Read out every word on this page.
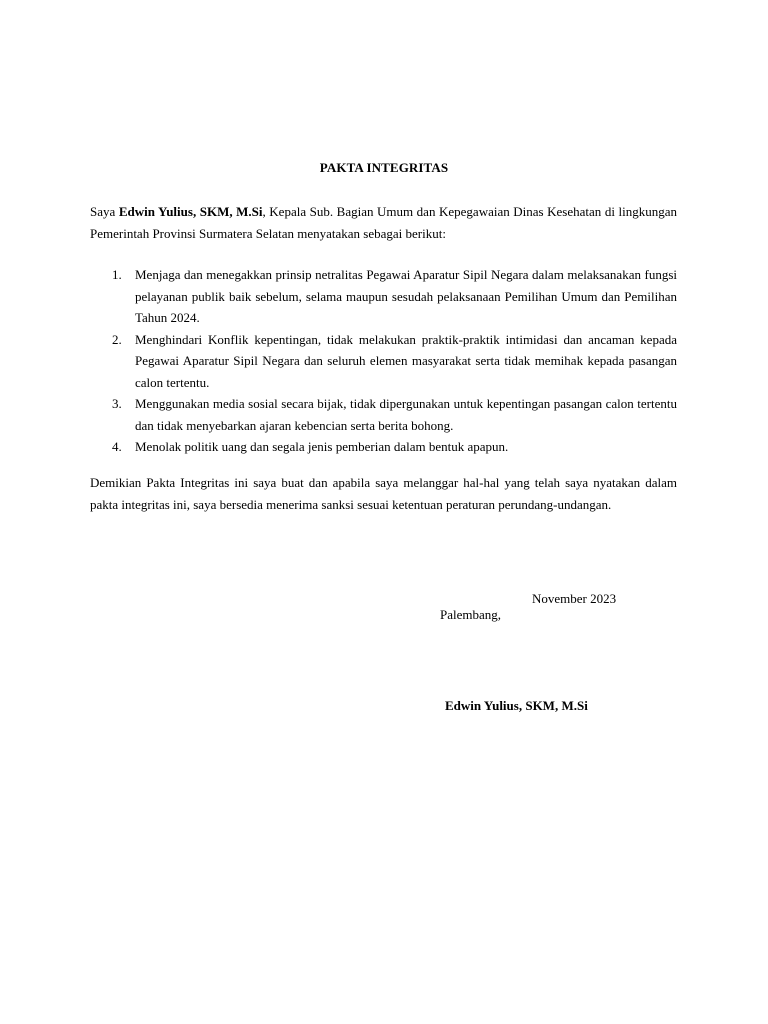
PAKTA INTEGRITAS
Saya Edwin Yulius, SKM, M.Si, Kepala Sub. Bagian Umum dan Kepegawaian Dinas Kesehatan di lingkungan Pemerintah Provinsi Surmatera Selatan menyatakan sebagai berikut:
1. Menjaga dan menegakkan prinsip netralitas Pegawai Aparatur Sipil Negara dalam melaksanakan fungsi pelayanan publik baik sebelum, selama maupun sesudah pelaksanaan Pemilihan Umum dan Pemilihan Tahun 2024.
2. Menghindari Konflik kepentingan, tidak melakukan praktik-praktik intimidasi dan ancaman kepada Pegawai Aparatur Sipil Negara dan seluruh elemen masyarakat serta tidak memihak kepada pasangan calon tertentu.
3. Menggunakan media sosial secara bijak, tidak dipergunakan untuk kepentingan pasangan calon tertentu dan tidak menyebarkan ajaran kebencian serta berita bohong.
4. Menolak politik uang dan segala jenis pemberian dalam bentuk apapun.
Demikian Pakta Integritas ini saya buat dan apabila saya melanggar hal-hal yang telah saya nyatakan dalam pakta integritas ini, saya bersedia menerima sanksi sesuai ketentuan peraturan perundang-undangan.

Palembang,

November 2023

Edwin Yulius, SKM, M.Si
